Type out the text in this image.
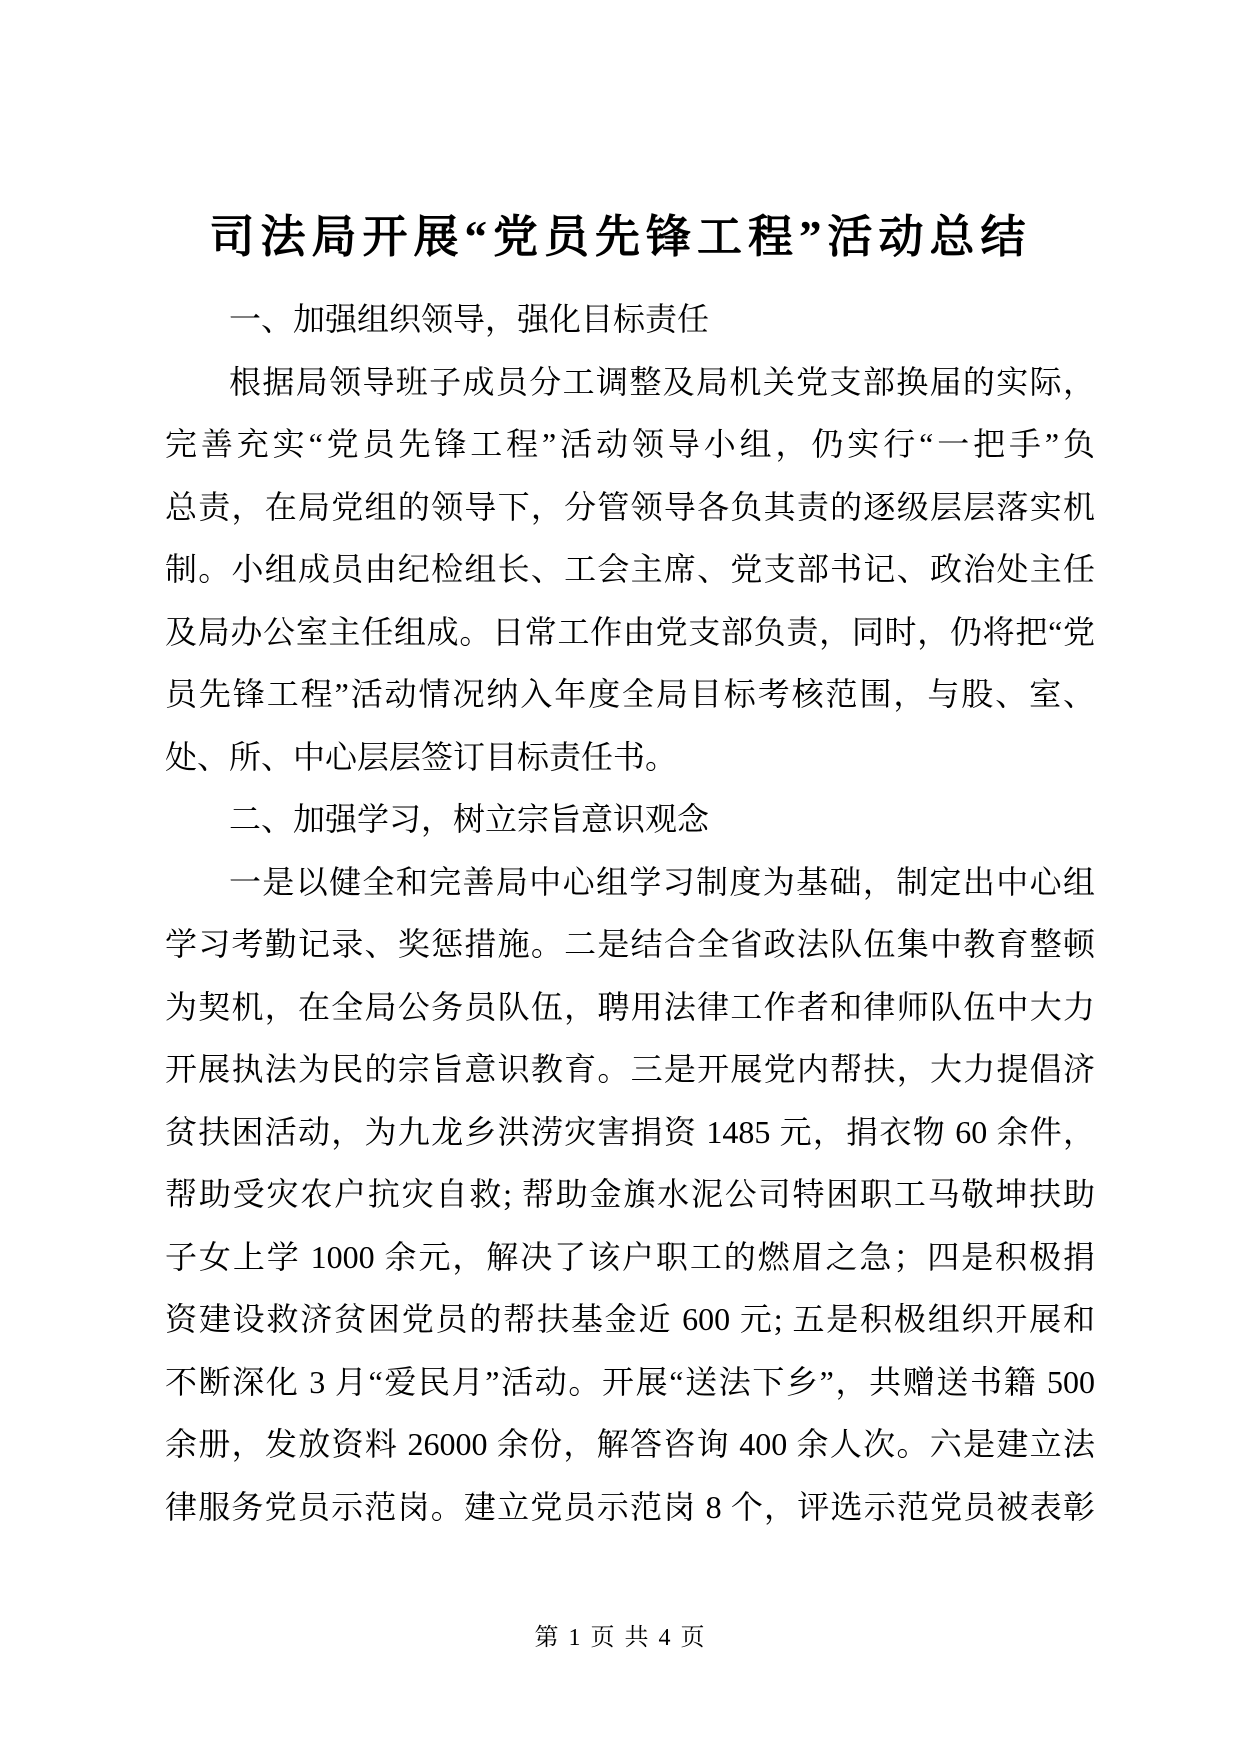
司法局开展“党员先锋工程”活动总结
一、加强组织领导，强化目标责任
根据局领导班子成员分工调整及局机关党支部换届的实际，
完善充实“党员先锋工程”活动领导小组，仍实行“一把手”负
总责，在局党组的领导下，分管领导各负其责的逐级层层落实机
制。小组成员由纪检组长、工会主席、党支部书记、政治处主任
及局办公室主任组成。日常工作由党支部负责，同时，仍将把“党
员先锋工程”活动情况纳入年度全局目标考核范围，与股、室、
处、所、中心层层签订目标责任书。
二、加强学习，树立宗旨意识观念
一是以健全和完善局中心组学习制度为基础，制定出中心组
学习考勤记录、奖惩措施。二是结合全省政法队伍集中教育整顿
为契机，在全局公务员队伍，聘用法律工作者和律师队伍中大力
开展执法为民的宗旨意识教育。三是开展党内帮扶，大力提倡济
贫扶困活动，为九龙乡洪涝灾害捐资 1485 元，捐衣物 60 余件，
帮助受灾农户抗灾自救; 帮助金旗水泥公司特困职工马敬坤扶助
子女上学 1000 余元，解决了该户职工的燃眉之急；四是积极捐
资建设救济贫困党员的帮扶基金近 600 元; 五是积极组织开展和
不断深化 3 月“爱民月”活动。开展“送法下乡”，共赠送书籍 500
余册，发放资料 26000 余份，解答咨询 400 余人次。六是建立法
律服务党员示范岗。建立党员示范岗 8 个，评选示范党员被表彰
第 1 页 共 4 页
